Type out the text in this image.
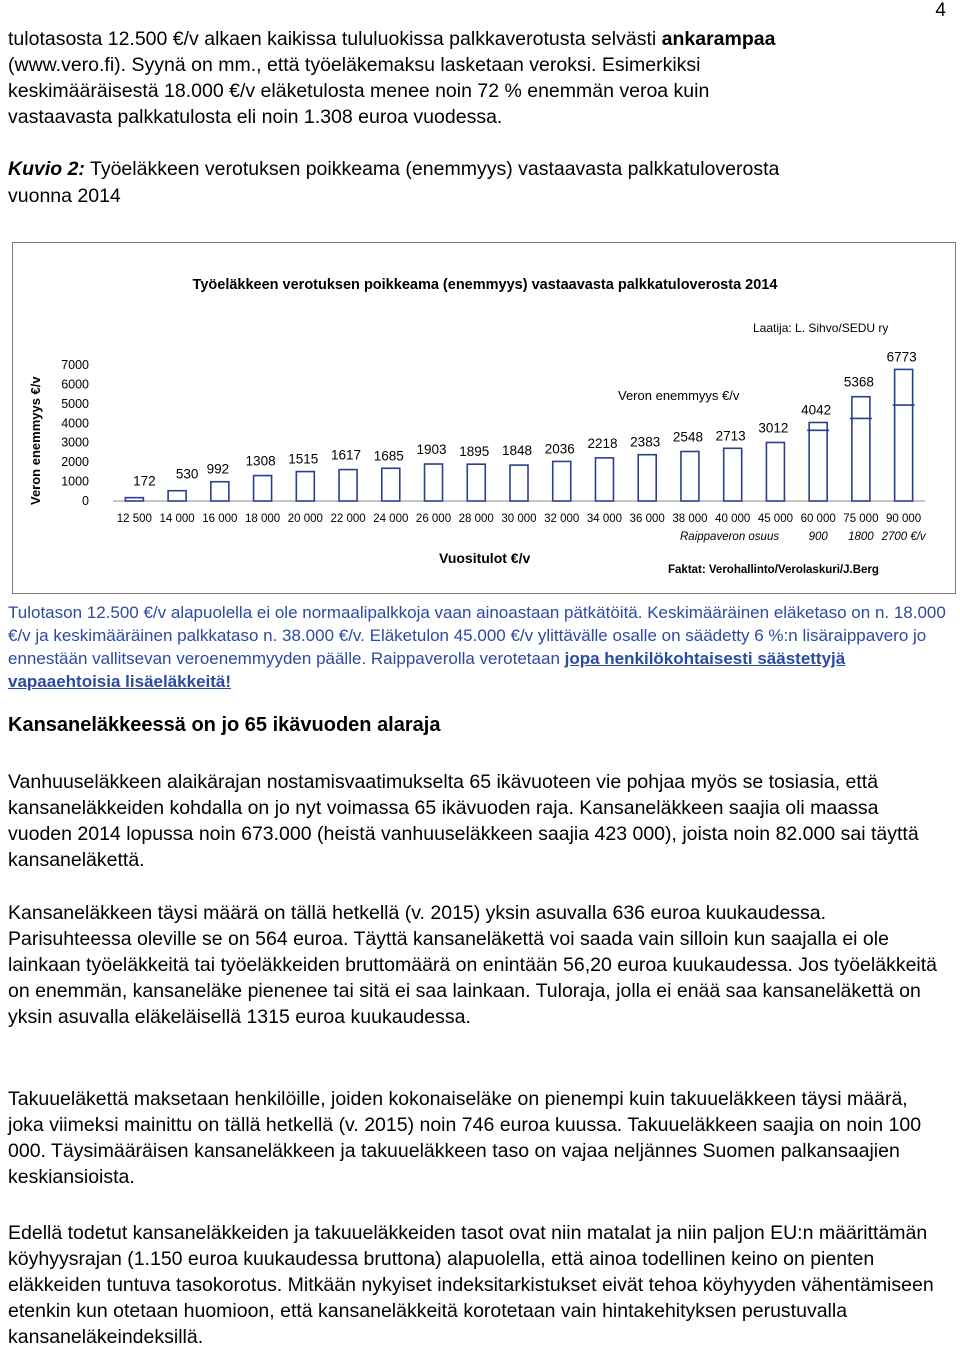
4

tulotasosta 12.500 €/v alkaen kaikissa tululuokissa palkkaverotusta selvästi ankarampaa
(www.vero.fi). Syynä on mm., että työeläkemaksu lasketaan veroksi. Esimerkiksi
keskimääräisestä 18.000 €/v eläketulosta menee noin 72 % enemmän veroa kuin
vastaavasta palkkatulosta eli noin 1.308 euroa vuodessa.

Kuvio 2: Työeläkkeen verotuksen poikkeama (enemmyys) vastaavasta palkkatuloverosta
vuonna 2014
Työeläkkeen verotuksen poikkeama (enemmyys) vastaavasta palkkatuloverosta 2014
Laatija: L. Sihvo/SEDU ry
Veron enemmyys €/v
Vuositulot €/v
Veron enemmyys €/v
Raippaveron osuus
Faktat: Verohallinto/Verolaskuri/J.Berg
7000
6000
5000
4000
3000
2000
1000
0
172 530 992
1308 1515 1617 1685 1903 1895 1848 2036 2218 2383 2548 2713
3012
4042
5368
6773
12 500 14 000 16 000 18 000 20 000 22 000 24 000 26 000 28 000 30 000 32 000 34 000 36 000 38 000 40 000 45 000 60 000 75 000 90 000
900 1800 2700 €/v
Tulotason 12.500 €/v alapuolella ei ole normaalipalkkoja vaan ainoastaan pätkätöitä. Keskimääräinen eläketaso on n. 18.000 €/v ja keskimääräinen palkkataso n. 38.000 €/v. Eläketulon 45.000 €/v ylittävälle osalle on säädetty 6 %:n lisäraippavero jo ennestään vallitsevan veroenemmyyden päälle. Raippaverolla verotetaan jopa henkilökohtaisesti säästettyjä vapaaehtoisia lisäeläkkeitä!
Kansaneläkkeessä on jo 65 ikävuoden alaraja

Vanhuuseläkkeen alaikärajan nostamisvaatimukselta 65 ikävuoteen vie pohjaa myös se tosiasia, että kansaneläkkeiden kohdalla on jo nyt voimassa 65 ikävuoden raja. Kansaneläkkeen saajia oli maassa vuoden 2014 lopussa noin 673.000 (heistä vanhuuseläkkeen saajia 423 000), joista noin 82.000 sai täyttä kansaneläkettä.

Kansaneläkkeen täysi määrä on tällä hetkellä (v. 2015) yksin asuvalla 636 euroa kuukaudessa. Parisuhteessa oleville se on 564 euroa. Täyttä kansaneläkettä voi saada vain silloin kun saajalla ei ole lainkaan työeläkkeitä tai työeläkkeiden bruttomäärä on enintään 56,20 euroa kuukaudessa. Jos työeläkkeitä on enemmän, kansaneläke pienenee tai sitä ei saa lainkaan. Tuloraja, jolla ei enää saa kansaneläkettä on yksin asuvalla eläkeläisellä 1315 euroa kuukaudessa.

Takuueläkettä maksetaan henkilöille, joiden kokonaiseläke on pienempi kuin takuueläkkeen täysi määrä, joka viimeksi mainittu on tällä hetkellä (v. 2015) noin 746 euroa kuussa. Takuueläkkeen saajia on noin 100 000. Täysimääräisen kansaneläkkeen ja takuueläkkeen taso on vajaa neljännes Suomen palkansaajien keskiansioista.

Edellä todetut kansaneläkkeiden ja takuueläkkeiden tasot ovat niin matalat ja niin paljon EU:n määrittämän köyhyysrajan (1.150 euroa kuukaudessa bruttona) alapuolella, että ainoa todellinen keino on pienten eläkkeiden tuntuva tasokorotus. Mitkään nykyiset indeksitarkistukset eivät tehoa köyhyyden vähentämiseen etenkin kun otetaan huomioon, että kansaneläkkeitä korotetaan vain hintakehityksen perustuvalla kansaneläkeindeksillä.
